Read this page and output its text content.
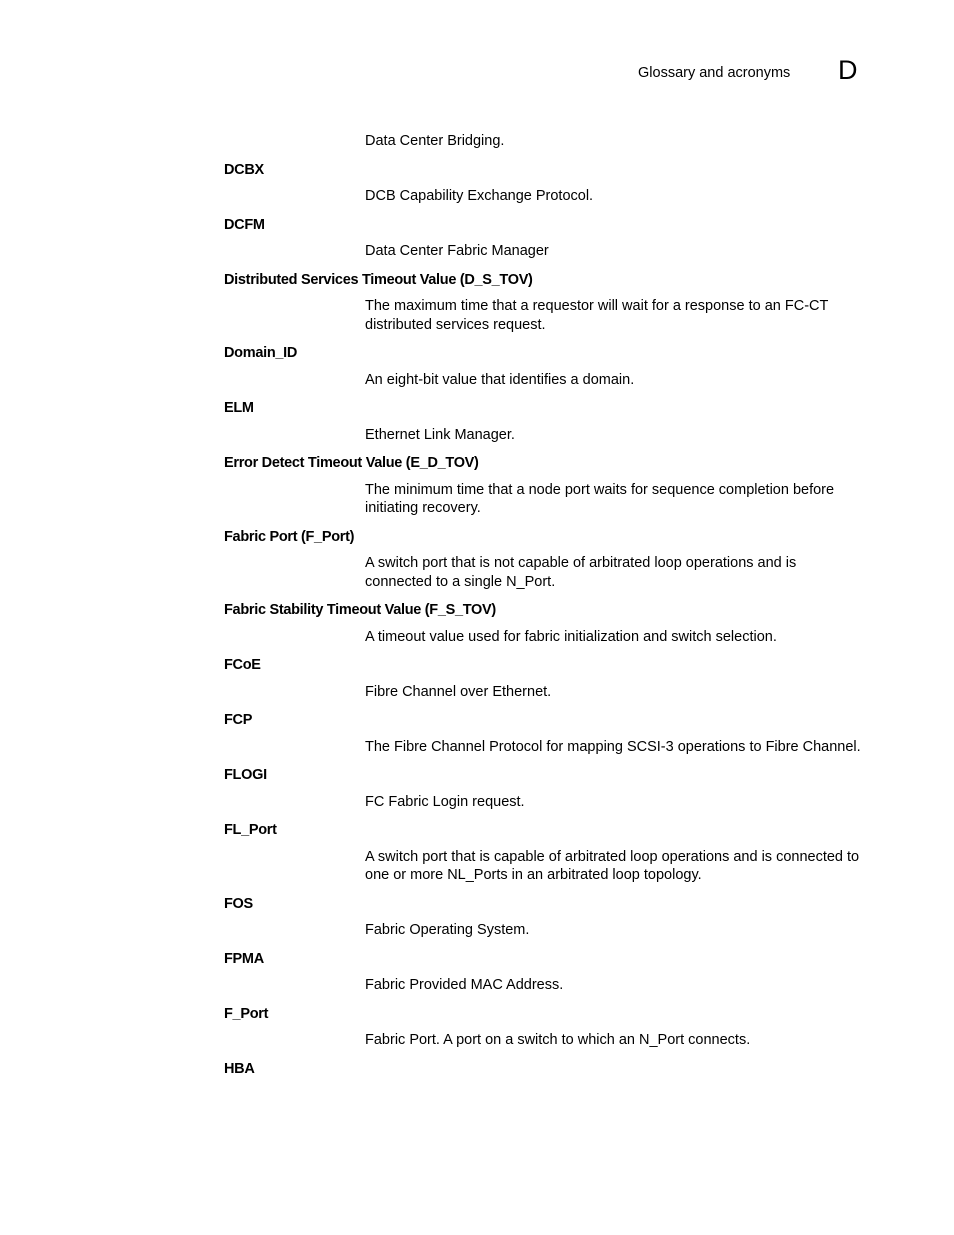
Glossary and acronyms D
Data Center Bridging.
DCBX
DCB Capability Exchange Protocol.
DCFM
Data Center Fabric Manager
Distributed Services Timeout Value (D_S_TOV)
The maximum time that a requestor will wait for a response to an FC-CT
distributed services request.
Domain_ID
An eight-bit value that identifies a domain.
ELM
Ethernet Link Manager.
Error Detect Timeout Value (E_D_TOV)
The minimum time that a node port waits for sequence completion before
initiating recovery.
Fabric Port (F_Port)
A switch port that is not capable of arbitrated loop operations and is
connected to a single N_Port.
Fabric Stability Timeout Value (F_S_TOV)
A timeout value used for fabric initialization and switch selection.
FCoE
Fibre Channel over Ethernet.
FCP
The Fibre Channel Protocol for mapping SCSI-3 operations to Fibre Channel.
FLOGI
FC Fabric Login request.
FL_Port
A switch port that is capable of arbitrated loop operations and is connected to
one or more NL_Ports in an arbitrated loop topology.
FOS
Fabric Operating System.
FPMA
Fabric Provided MAC Address.
F_Port
Fabric Port. A port on a switch to which an N_Port connects.
HBA
